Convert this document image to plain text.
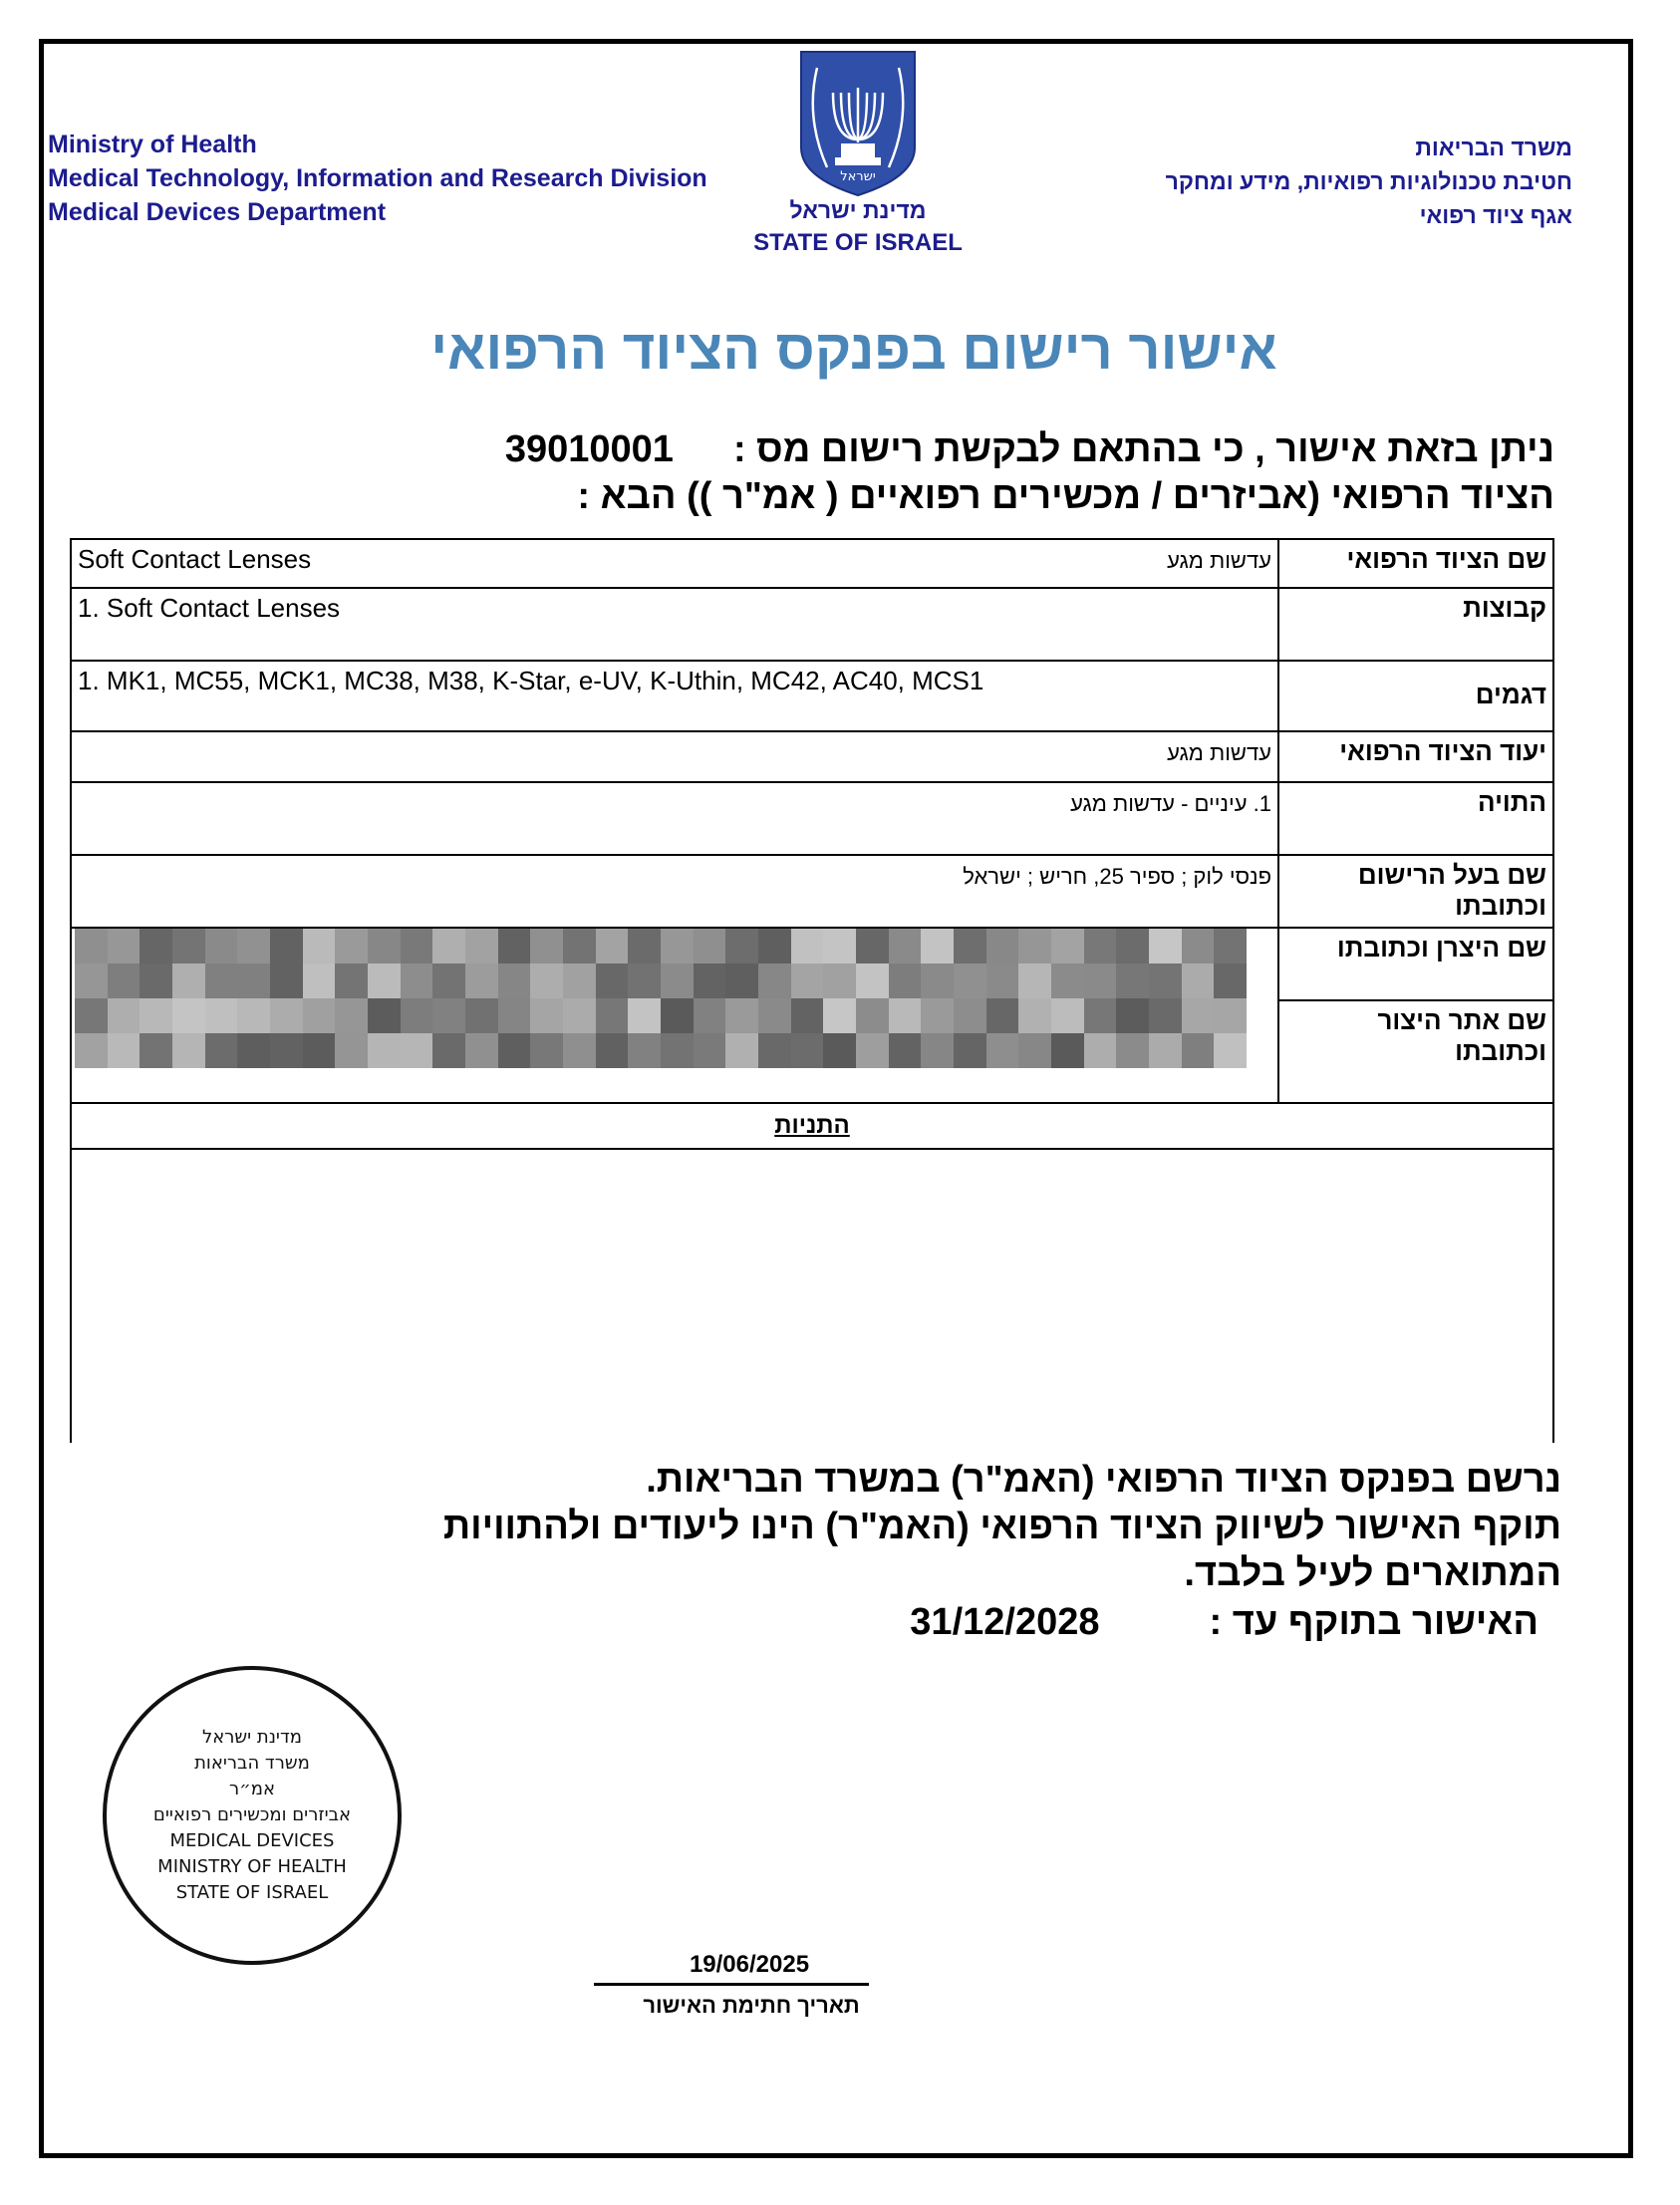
Ministry of Health
Medical Technology, Information and Research Division
Medical Devices Department
משרד הבריאות
חטיבת טכנולוגיות רפואיות, מידע ומחקר
אגף ציוד רפואי
ישראל
מדינת ישראל
STATE OF ISRAEL
אישור רישום בפנקס הציוד הרפואי
ניתן בזאת אישור , כי בהתאם לבקשת רישום מס :
39010001
הציוד הרפואי (אביזרים / מכשירים רפואיים ( אמ"ר )) הבא :
Soft Contact Lenses עדשות מגע	שם הציוד הרפואי
1. Soft Contact Lenses	קבוצות
1. MK1, MC55, MCK1, MC38, M38, K-Star, e-UV, K-Uthin, MC42, AC40, MCS1	דגמים

עדשות מגע	יעוד הציוד הרפואי

1. עיניים - עדשות מגע	התויה

פנסי לוק ; ספיר 25, חריש ; ישראל	שם בעל הרישום וכתובתו
	שם היצרן וכתובתו
	שם אתר היצור וכתובתו
התניות
נרשם בפנקס הציוד הרפואי (האמ"ר) במשרד הבריאות.
תוקף האישור לשיווק הציוד הרפואי (האמ"ר) הינו ליעודים ולהתוויות
המתוארים לעיל בלבד.
האישור בתוקף עד :
31/12/2028
מדינת ישראל
משרד הבריאות
אמ״ר
אביזרים ומכשירים רפואיים
MEDICAL DEVICES
MINISTRY OF HEALTH
STATE OF ISRAEL
19/06/2025
תאריך חתימת האישור
